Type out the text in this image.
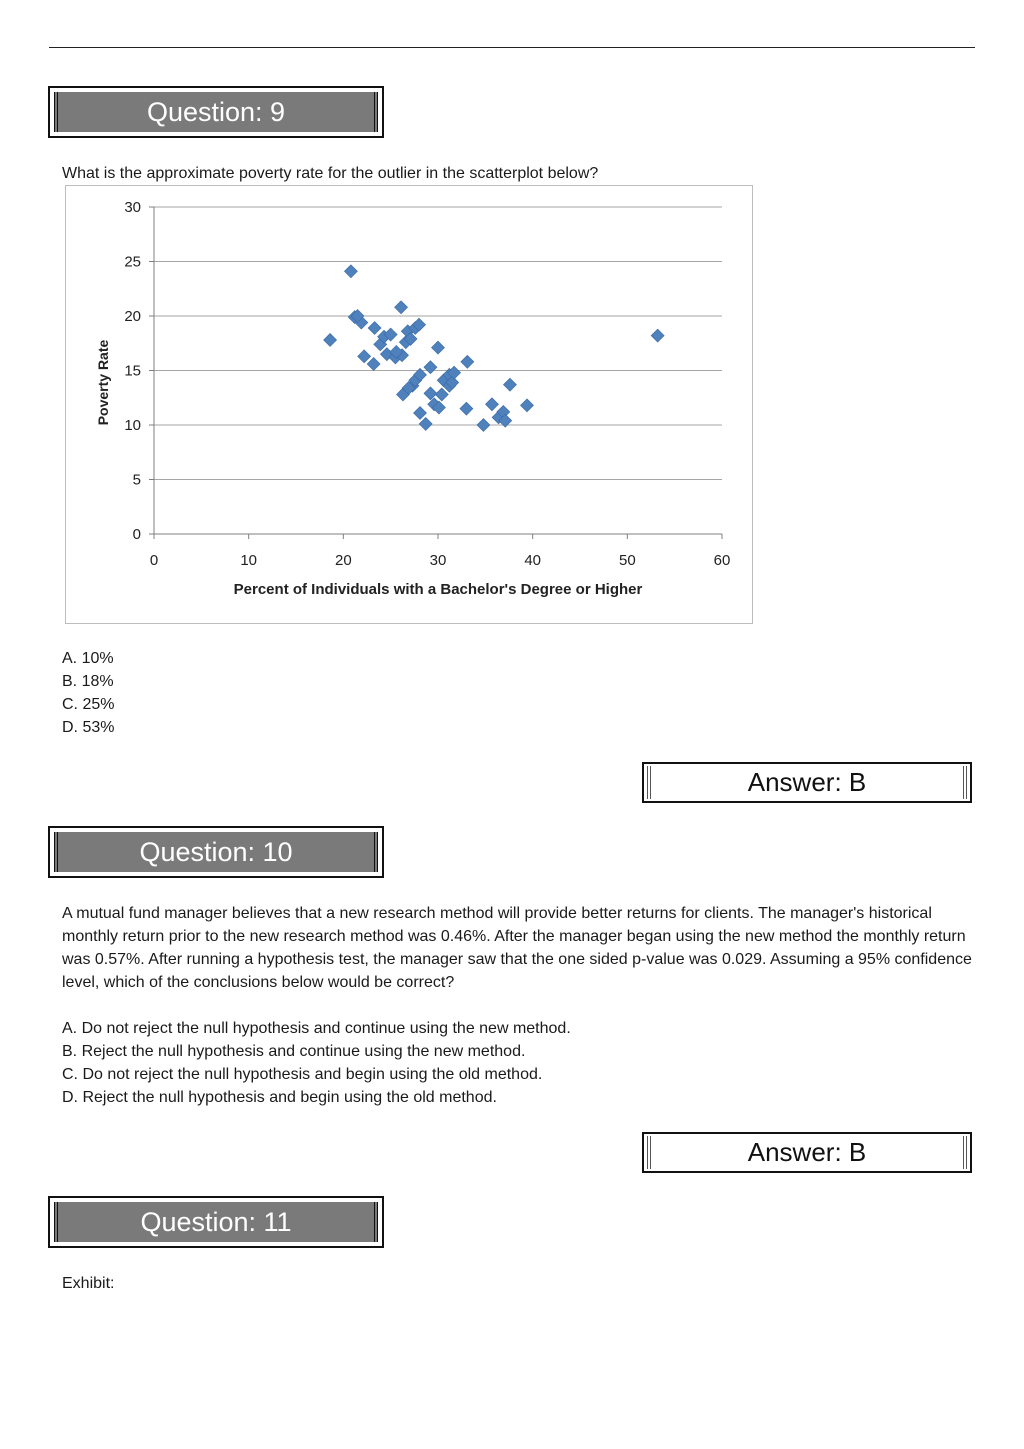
Question: 9

What is the approximate poverty rate for the outlier in the scatterplot below?

0
5
10
15
20
25
30
0	10	20	30	40	50	60
Percent of Individuals with a Bachelor's Degree or Higher
Poverty Rate
A. 10%
B. 18%
C. 25%
D. 53%
Answer: B
Question: 10

A mutual fund manager believes that a new research method will provide better returns for clients. The manager's historical monthly return prior to the new research method was 0.46%. After the manager began using the new method the monthly return was 0.57%. After running a hypothesis test, the manager saw that the one sided p-value was 0.029. Assuming a 95% confidence level, which of the conclusions below would be correct?

A. Do not reject the null hypothesis and continue using the new method.
B. Reject the null hypothesis and continue using the new method.
C. Do not reject the null hypothesis and begin using the old method.
D. Reject the null hypothesis and begin using the old method.
Answer: B
Question: 11

Exhibit:
